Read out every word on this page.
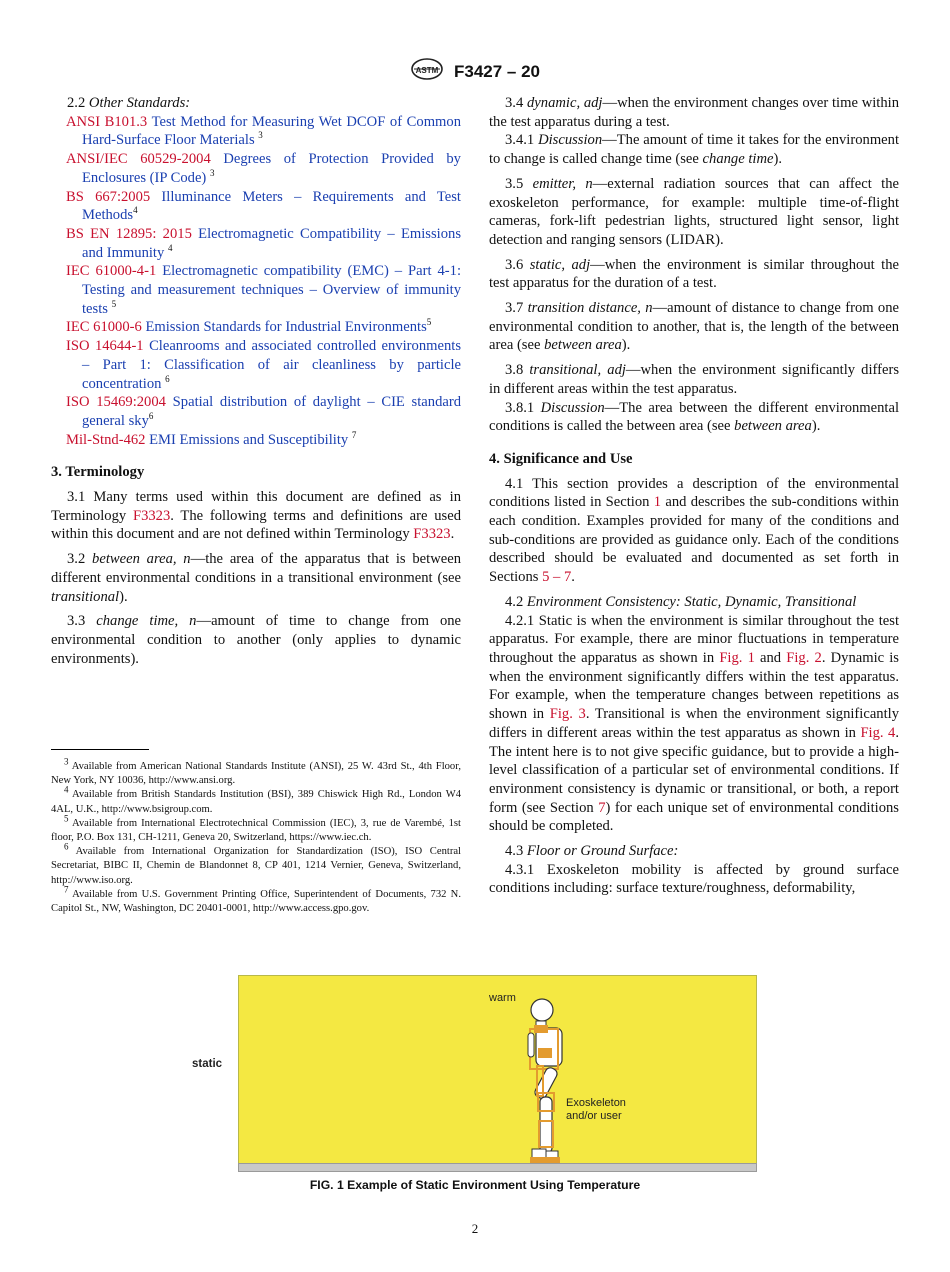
ASTM F3427 – 20

2.2 Other Standards:

ANSI B101.3 Test Method for Measuring Wet DCOF of Common Hard-Surface Floor Materials $^3$

ANSI/IEC 60529-2004 Degrees of Protection Provided by Enclosures (IP Code) $^3$

BS 667:2005 Illuminance Meters – Requirements and Test Methods$^4$

BS EN 12895: 2015 Electromagnetic Compatibility – Emissions and Immunity $^4$

IEC 61000-4-1 Electromagnetic compatibility (EMC) – Part 4-1: Testing and measurement techniques – Overview of immunity tests $^5$

IEC 61000-6 Emission Standards for Industrial Environments$^5$

ISO 14644-1 Cleanrooms and associated controlled environments – Part 1: Classification of air cleanliness by particle concentration $^6$

ISO 15469:2004 Spatial distribution of daylight – CIE standard general sky$^6$

Mil-Stnd-462 EMI Emissions and Susceptibility $^7$

3. Terminology

3.1 Many terms used within this document are defined as in Terminology F3323. The following terms and definitions are used within this document and are not defined within Terminology F3323.

3.2 between area, n—the area of the apparatus that is between different environmental conditions in a transitional environment (see transitional).

3.3 change time, n—amount of time to change from one environmental condition to another (only applies to dynamic environments).

$^3$ Available from American National Standards Institute (ANSI), 25 W. 43rd St., 4th Floor, New York, NY 10036, http://www.ansi.org.

$^4$ Available from British Standards Institution (BSI), 389 Chiswick High Rd., London W4 4AL, U.K., http://www.bsigroup.com.

$^5$ Available from International Electrotechnical Commission (IEC), 3, rue de Varembé, 1st floor, P.O. Box 131, CH-1211, Geneva 20, Switzerland, https://www.iec.ch.

$^6$ Available from International Organization for Standardization (ISO), ISO Central Secretariat, BIBC II, Chemin de Blandonnet 8, CP 401, 1214 Vernier, Geneva, Switzerland, http://www.iso.org.

$^7$ Available from U.S. Government Printing Office, Superintendent of Documents, 732 N. Capitol St., NW, Washington, DC 20401-0001, http://www.access.gpo.gov.

3.4 dynamic, adj—when the environment changes over time within the test apparatus during a test.

3.4.1 Discussion—The amount of time it takes for the environment to change is called change time (see change time).

3.5 emitter, n—external radiation sources that can affect the exoskeleton performance, for example: multiple time-of-flight cameras, fork-lift pedestrian lights, structured light sensor, light detection and ranging sensors (LIDAR).

3.6 static, adj—when the environment is similar throughout the test apparatus for the duration of a test.

3.7 transition distance, n—amount of distance to change from one environmental condition to another, that is, the length of the between area (see between area).

3.8 transitional, adj—when the environment significantly differs in different areas within the test apparatus.

3.8.1 Discussion—The area between the different environmental conditions is called the between area (see between area).

4. Significance and Use

4.1 This section provides a description of the environmental conditions listed in Section 1 and describes the sub-conditions within each condition. Examples provided for many of the conditions and sub-conditions are provided as guidance only. Each of the conditions described should be evaluated and documented as set forth in Sections 5 – 7.

4.2 Environment Consistency: Static, Dynamic, Transitional

4.2.1 Static is when the environment is similar throughout the test apparatus. For example, there are minor fluctuations in temperature throughout the apparatus as shown in Fig. 1 and Fig. 2. Dynamic is when the environment significantly differs within the test apparatus. For example, when the temperature changes between repetitions as shown in Fig. 3. Transitional is when the environment significantly differs in different areas within the test apparatus as shown in Fig. 4. The intent here is to not give specific guidance, but to provide a high-level classification of a particular set of environmental conditions. If environment consistency is dynamic or transitional, or both, a report form (see Section 7) for each unique set of environmental conditions should be completed.

4.3 Floor or Ground Surface:

4.3.1 Exoskeleton mobility is affected by ground surface conditions including: surface texture/roughness, deformability,

static
warm
Exoskeleton
and/or user
FIG. 1 Example of Static Environment Using Temperature
2
